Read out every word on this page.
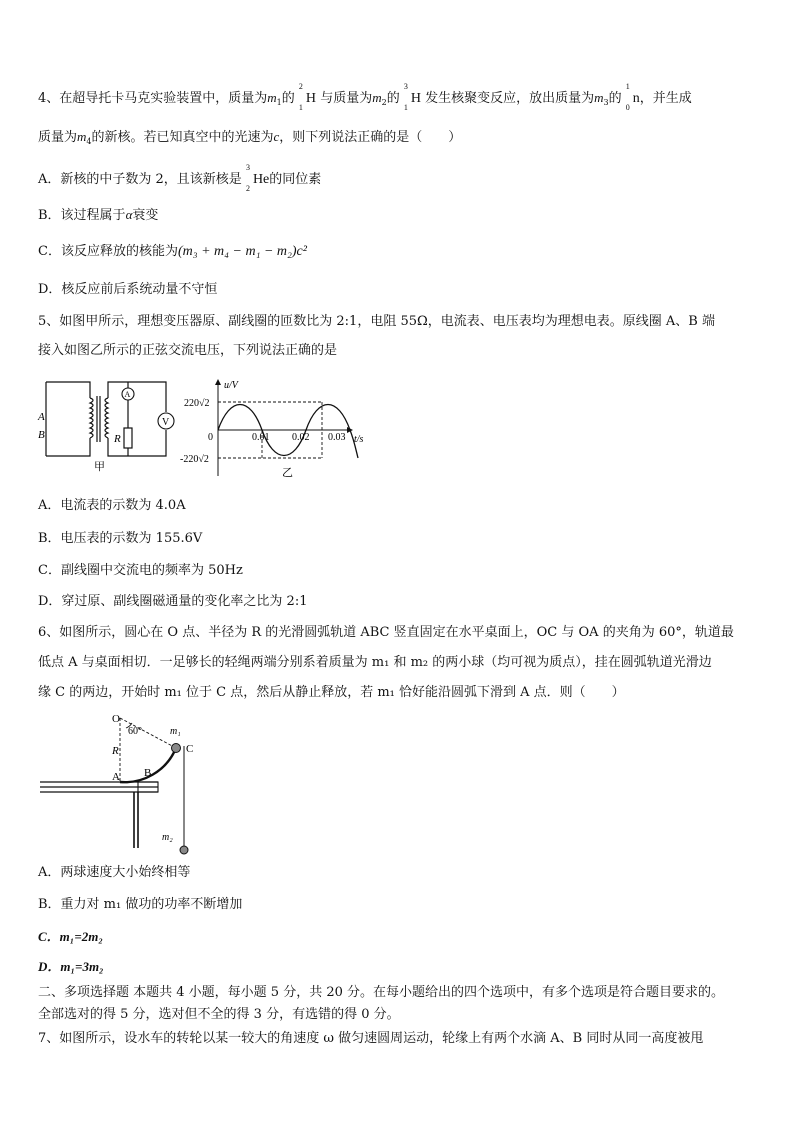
4、在超导托卡马克实验装置中，质量为$m_1$的
2
1
H 与质量为$m_2$的
3
1
H 发生核聚变反应，放出质量为$m_3$的
1
0
n，并生成
质量为$m_4$的新核。若已知真空中的光速为c，则下列说法正确的是（　　）
A．新核的中子数为 2，且该新核是
3
2
He的同位素
B．该过程属于α衰变
C．该反应释放的核能为(m₃ + m₄ − m₁ − m₂)c²
D．核反应前后系统动量不守恒
5、如图甲所示，理想变压器原、副线圈的匝数比为 2:1，电阻 55Ω，电流表、电压表均为理想电表。原线圈 A、B 端
接入如图乙所示的正弦交流电压，下列说法正确的是
A
V
A
B	R
甲
u/V
t/s
220√2
-220√2
0	0.01 0.02 0.03
乙
A．电流表的示数为 4.0A
B．电压表的示数为 155.6V
C．副线圈中交流电的频率为 50Hz
D．穿过原、副线圈磁通量的变化率之比为 2:1
6、如图所示，圆心在 O 点、半径为 R 的光滑圆弧轨道 ABC 竖直固定在水平桌面上，OC 与 OA 的夹角为 60°，轨道最
低点 A 与桌面相切．一足够长的轻绳两端分别系着质量为 m₁ 和 m₂ 的两小球（均可视为质点），挂在圆弧轨道光滑边
缘 C 的两边，开始时 m₁ 位于 C 点，然后从静止释放，若 m₁ 恰好能沿圆弧下滑到 A 点．则（　　）
O
60°	m₁
R	C
A B
m₂
A．两球速度大小始终相等
B．重力对 m₁ 做功的功率不断增加
C．m₁=2m₂
D．m₁=3m₂
二、多项选择题 本题共 4 小题，每小题 5 分，共 20 分。在每小题给出的四个选项中，有多个选项是符合题目要求的。
全部选对的得 5 分，选对但不全的得 3 分，有选错的得 0 分。
7、如图所示，设水车的转轮以某一较大的角速度 ω 做匀速圆周运动，轮缘上有两个水滴 A、B 同时从同一高度被甩
